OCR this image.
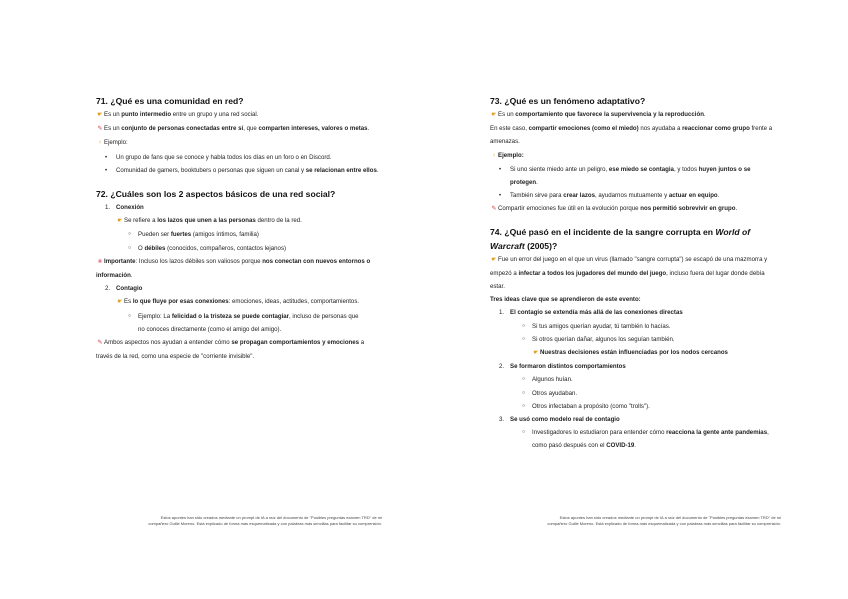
71. ¿Qué es una comunidad en red?

☛Es un punto intermedio entre un grupo y una red social.

✎Es un conjunto de personas conectadas entre sí, que comparten intereses, valores o metas.

♀ Ejemplo:

• Un grupo de fans que se conoce y habla todos los días en un foro o en Discord.
• Comunidad de gamers, booktubers o personas que siguen un canal y se relacionan entre ellos.
72. ¿Cuáles son los 2 aspectos básicos de una red social?
1. Conexión

☛Se refiere a los lazos que unen a las personas dentro de la red.

○ Pueden ser fuertes (amigos íntimos, familia)
○ O débiles (conocidos, compañeros, contactos lejanos)

❀Importante: Incluso los lazos débiles son valiosos porque nos conectan con nuevos entornos o información.

2. Contagio

☛Es lo que fluye por esas conexiones: emociones, ideas, actitudes, comportamientos.

○ Ejemplo: La felicidad o la tristeza se puede contagiar, incluso de personas que
no conoces directamente (como el amigo del amigo).

✎Ambos aspectos nos ayudan a entender cómo se propagan comportamientos y emociones a través de la red, como una especie de "corriente invisible".

Estos apuntes han sido creados mediante un prompt de IA a raíz del documento de "Posibles preguntas examen TRD" de mi
compañero Guille Moreno. Está explicado de forma más esquematizada y con palabras más sencillas para facilitar su comprensión.
73. ¿Qué es un fenómeno adaptativo?

☛Es un comportamiento que favorece la supervivencia y la reproducción.

En este caso, compartir emociones (como el miedo) nos ayudaba a reaccionar como grupo frente a amenazas.

♀ Ejemplo:

• Si uno siente miedo ante un peligro, ese miedo se contagia, y todos huyen juntos o se protegen.
• También sirve para crear lazos, ayudarnos mutuamente y actuar en equipo.

✎Compartir emociones fue útil en la evolución porque nos permitió sobrevivir en grupo.

74. ¿Qué pasó en el incidente de la sangre corrupta en World of Warcraft (2005)?

☛Fue un error del juego en el que un virus (llamado "sangre corrupta") se escapó de una mazmorra y empezó a infectar a todos los jugadores del mundo del juego, incluso fuera del lugar donde debía estar.

Tres ideas clave que se aprendieron de este evento:

1. El contagio se extendía más allá de las conexiones directas
○ Si tus amigos querían ayudar, tú también lo hacías.
○ Si otros querían dañar, algunos los seguían también.
☛Nuestras decisiones están influenciadas por los nodos cercanos
2. Se formaron distintos comportamientos
○ Algunos huían.
○ Otros ayudaban.
○ Otros infectaban a propósito (como "trolls").
3. Se usó como modelo real de contagio
○ Investigadores lo estudiaron para entender cómo reacciona la gente ante pandemias, como pasó después con el COVID-19.
Estos apuntes han sido creados mediante un prompt de IA a raíz del documento de "Posibles preguntas examen TRD" de mi
compañero Guille Moreno. Está explicado de forma más esquematizada y con palabras más sencillas para facilitar su comprensión.
